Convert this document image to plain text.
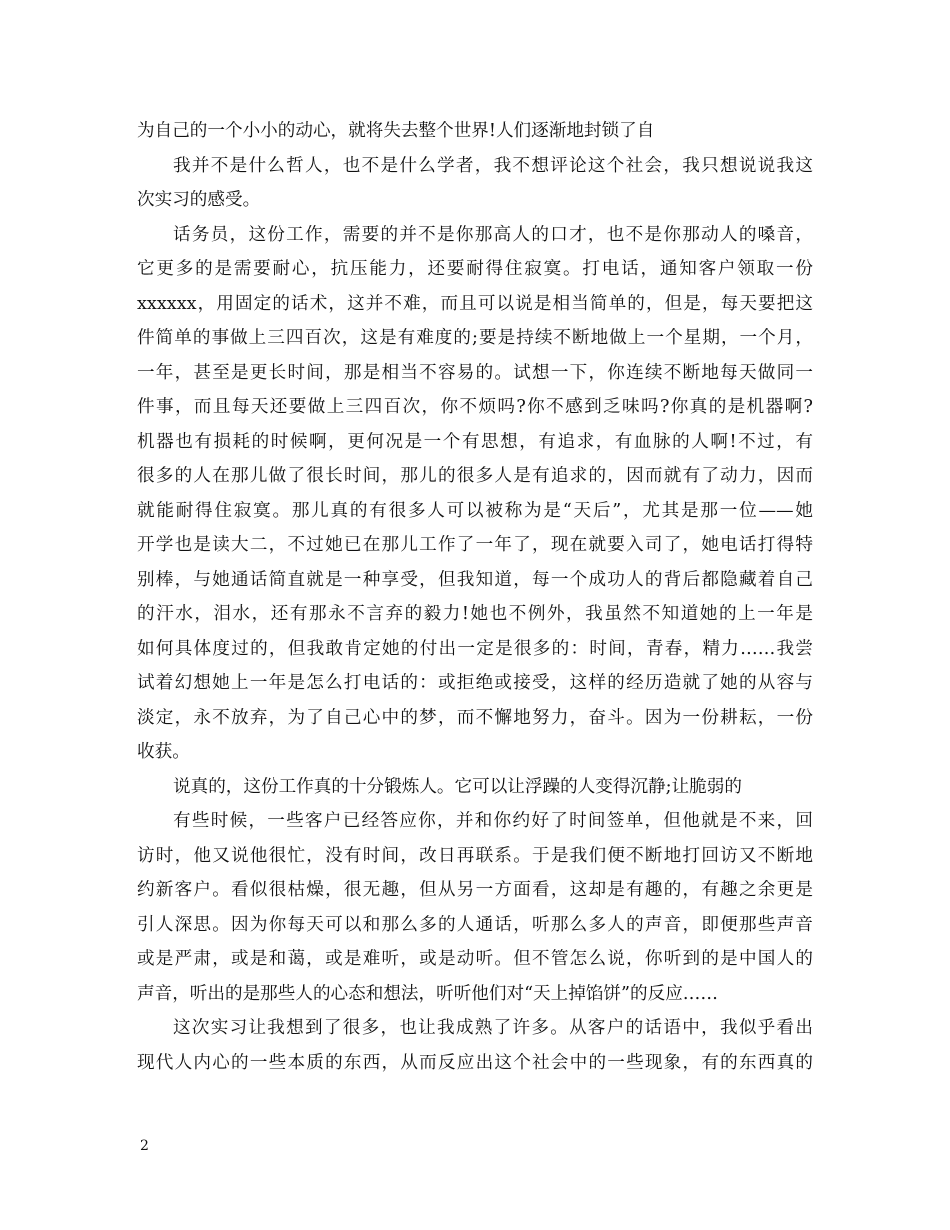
为自己的一个小小的动心，就将失去整个世界!人们逐渐地封锁了自
我并不是什么哲人，也不是什么学者，我不想评论这个社会，我只想说说我这
次实习的感受。
话务员，这份工作，需要的并不是你那高人的口才，也不是你那动人的嗓音，
它更多的是需要耐心，抗压能力，还要耐得住寂寞。打电话，通知客户领取一份
xxxxxx，用固定的话术，这并不难，而且可以说是相当简单的，但是，每天要把这
件简单的事做上三四百次，这是有难度的;要是持续不断地做上一个星期，一个月，
一年，甚至是更长时间，那是相当不容易的。试想一下，你连续不断地每天做同一
件事，而且每天还要做上三四百次，你不烦吗?你不感到乏味吗?你真的是机器啊?
机器也有损耗的时候啊，更何况是一个有思想，有追求，有血脉的人啊!不过，有
很多的人在那儿做了很长时间，那儿的很多人是有追求的，因而就有了动力，因而
就能耐得住寂寞。那儿真的有很多人可以被称为是“天后”，尤其是那一位——她
开学也是读大二，不过她已在那儿工作了一年了，现在就要入司了，她电话打得特
别棒，与她通话简直就是一种享受，但我知道，每一个成功人的背后都隐藏着自己
的汗水，泪水，还有那永不言弃的毅力!她也不例外，我虽然不知道她的上一年是
如何具体度过的，但我敢肯定她的付出一定是很多的：时间，青春，精力……我尝
试着幻想她上一年是怎么打电话的：或拒绝或接受，这样的经历造就了她的从容与
淡定，永不放弃，为了自己心中的梦，而不懈地努力，奋斗。因为一份耕耘，一份
收获。
说真的，这份工作真的十分锻炼人。它可以让浮躁的人变得沉静;让脆弱的
有些时候，一些客户已经答应你，并和你约好了时间签单，但他就是不来，回
访时，他又说他很忙，没有时间，改日再联系。于是我们便不断地打回访又不断地
约新客户。看似很枯燥，很无趣，但从另一方面看，这却是有趣的，有趣之余更是
引人深思。因为你每天可以和那么多的人通话，听那么多人的声音，即便那些声音
或是严肃，或是和蔼，或是难听，或是动听。但不管怎么说，你听到的是中国人的
声音，听出的是那些人的心态和想法，听听他们对“天上掉馅饼”的反应……
这次实习让我想到了很多，也让我成熟了许多。从客户的话语中，我似乎看出
现代人内心的一些本质的东西，从而反应出这个社会中的一些现象，有的东西真的
2
